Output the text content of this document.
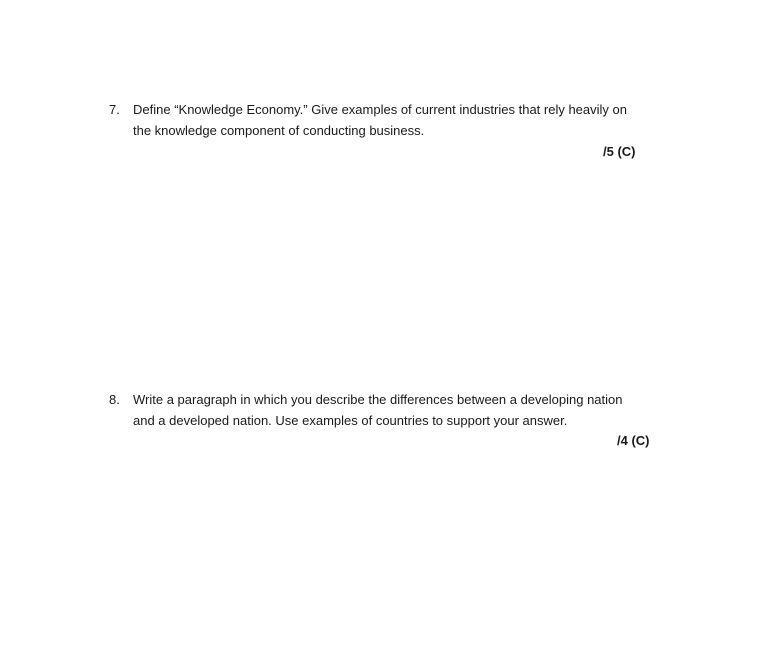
7. Define “Knowledge Economy.” Give examples of current industries that rely heavily on
the knowledge component of conducting business.
/5 (C)
8. Write a paragraph in which you describe the differences between a developing nation
and a developed nation. Use examples of countries to support your answer.
/4 (C)
